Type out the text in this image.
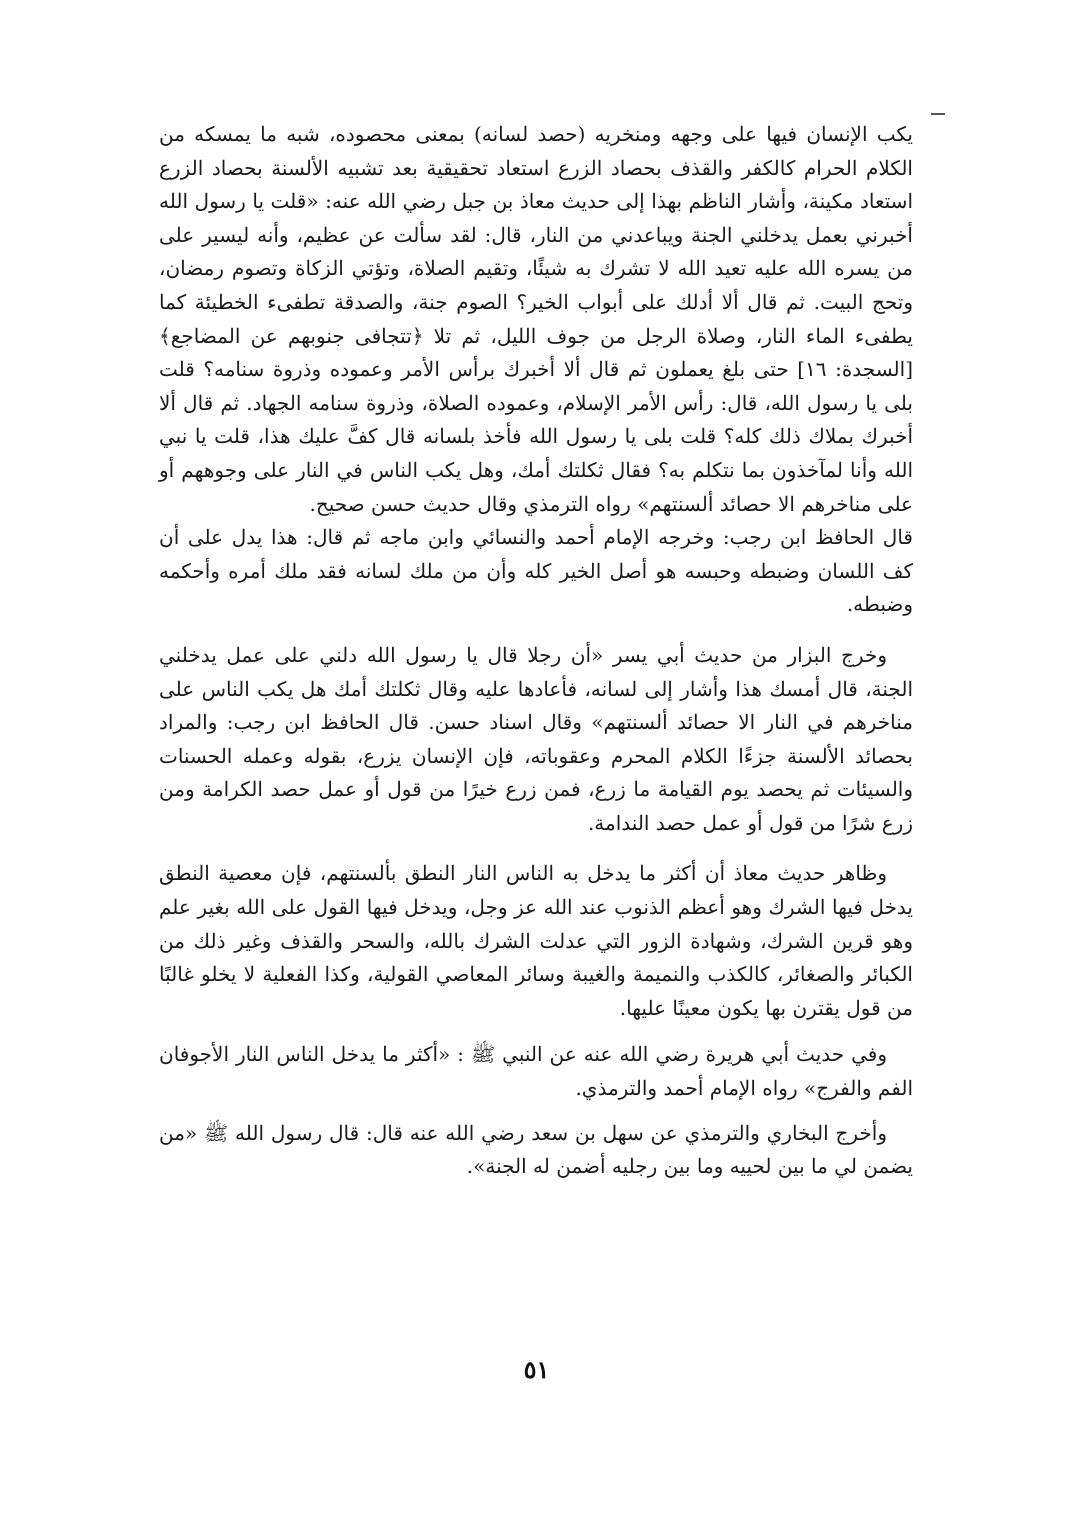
يكب الإنسان فيها على وجهه ومنخريه (حصد لسانه) بمعنى محصوده، شبه ما يمسكه من الكلام الحرام كالكفر والقذف بحصاد الزرع استعاد تحقيقية بعد تشبيه الألسنة بحصاد الزرع استعاد مكينة، وأشار الناظم بهذا إلى حديث معاذ بن جبل رضي الله عنه: «قلت يا رسول الله أخبرني بعمل يدخلني الجنة ويباعدني من النار، قال: لقد سألت عن عظيم، وأنه ليسير على من يسره الله عليه تعيد الله لا تشرك به شيئًا، وتقيم الصلاة، وتؤتي الزكاة وتصوم رمضان، وتحج البيت. ثم قال ألا أدلك على أبواب الخير؟ الصوم جنة، والصدقة تطفىء الخطيئة كما يطفىء الماء النار، وصلاة الرجل من جوف الليل، ثم تلا ﴿تتجافى جنوبهم عن المضاجع﴾ [السجدة: ١٦] حتى بلغ يعملون ثم قال ألا أخبرك برأس الأمر وعموده وذروة سنامه؟ قلت بلى يا رسول الله، قال: رأس الأمر الإسلام، وعموده الصلاة، وذروة سنامه الجهاد. ثم قال ألا أخبرك بملاك ذلك كله؟ قلت بلى يا رسول الله فأخذ بلسانه قال كفَّ عليك هذا، قلت يا نبي الله وأنا لمآخذون بما نتكلم به؟ فقال ثكلتك أمك، وهل يكب الناس في النار على وجوههم أو على مناخرهم الا حصائد ألسنتهم» رواه الترمذي وقال حديث حسن صحيح.

قال الحافظ ابن رجب: وخرجه الإمام أحمد والنسائي وابن ماجه ثم قال: هذا يدل على أن كف اللسان وضبطه وحبسه هو أصل الخير كله وأن من ملك لسانه فقد ملك أمره وأحكمه وضبطه.

وخرج البزار من حديث أبي يسر «أن رجلا قال يا رسول الله دلني على عمل يدخلني الجنة، قال أمسك هذا وأشار إلى لسانه، فأعادها عليه وقال ثكلتك أمك هل يكب الناس على مناخرهم في النار الا حصائد ألسنتهم» وقال اسناد حسن. قال الحافظ ابن رجب: والمراد بحصائد الألسنة جزءًا الكلام المحرم وعقوباته، فإن الإنسان يزرع، بقوله وعمله الحسنات والسيئات ثم يحصد يوم القيامة ما زرع، فمن زرع خيرًا من قول أو عمل حصد الكرامة ومن زرع شرًا من قول أو عمل حصد الندامة.

وظاهر حديث معاذ أن أكثر ما يدخل به الناس النار النطق بألسنتهم، فإن معصية النطق يدخل فيها الشرك وهو أعظم الذنوب عند الله عز وجل، ويدخل فيها القول على الله بغير علم وهو قرين الشرك، وشهادة الزور التي عدلت الشرك بالله، والسحر والقذف وغير ذلك من الكبائر والصغائر، كالكذب والنميمة والغيبة وسائر المعاصي القولية، وكذا الفعلية لا يخلو غالبًا من قول يقترن بها يكون معينًا عليها.

وفي حديث أبي هريرة رضي الله عنه عن النبي ﷺ : «أكثر ما يدخل الناس النار الأجوفان الفم والفرج» رواه الإمام أحمد والترمذي.

وأخرج البخاري والترمذي عن سهل بن سعد رضي الله عنه قال: قال رسول الله ﷺ «من يضمن لي ما بين لحييه وما بين رجليه أضمن له الجنة».

٥١
